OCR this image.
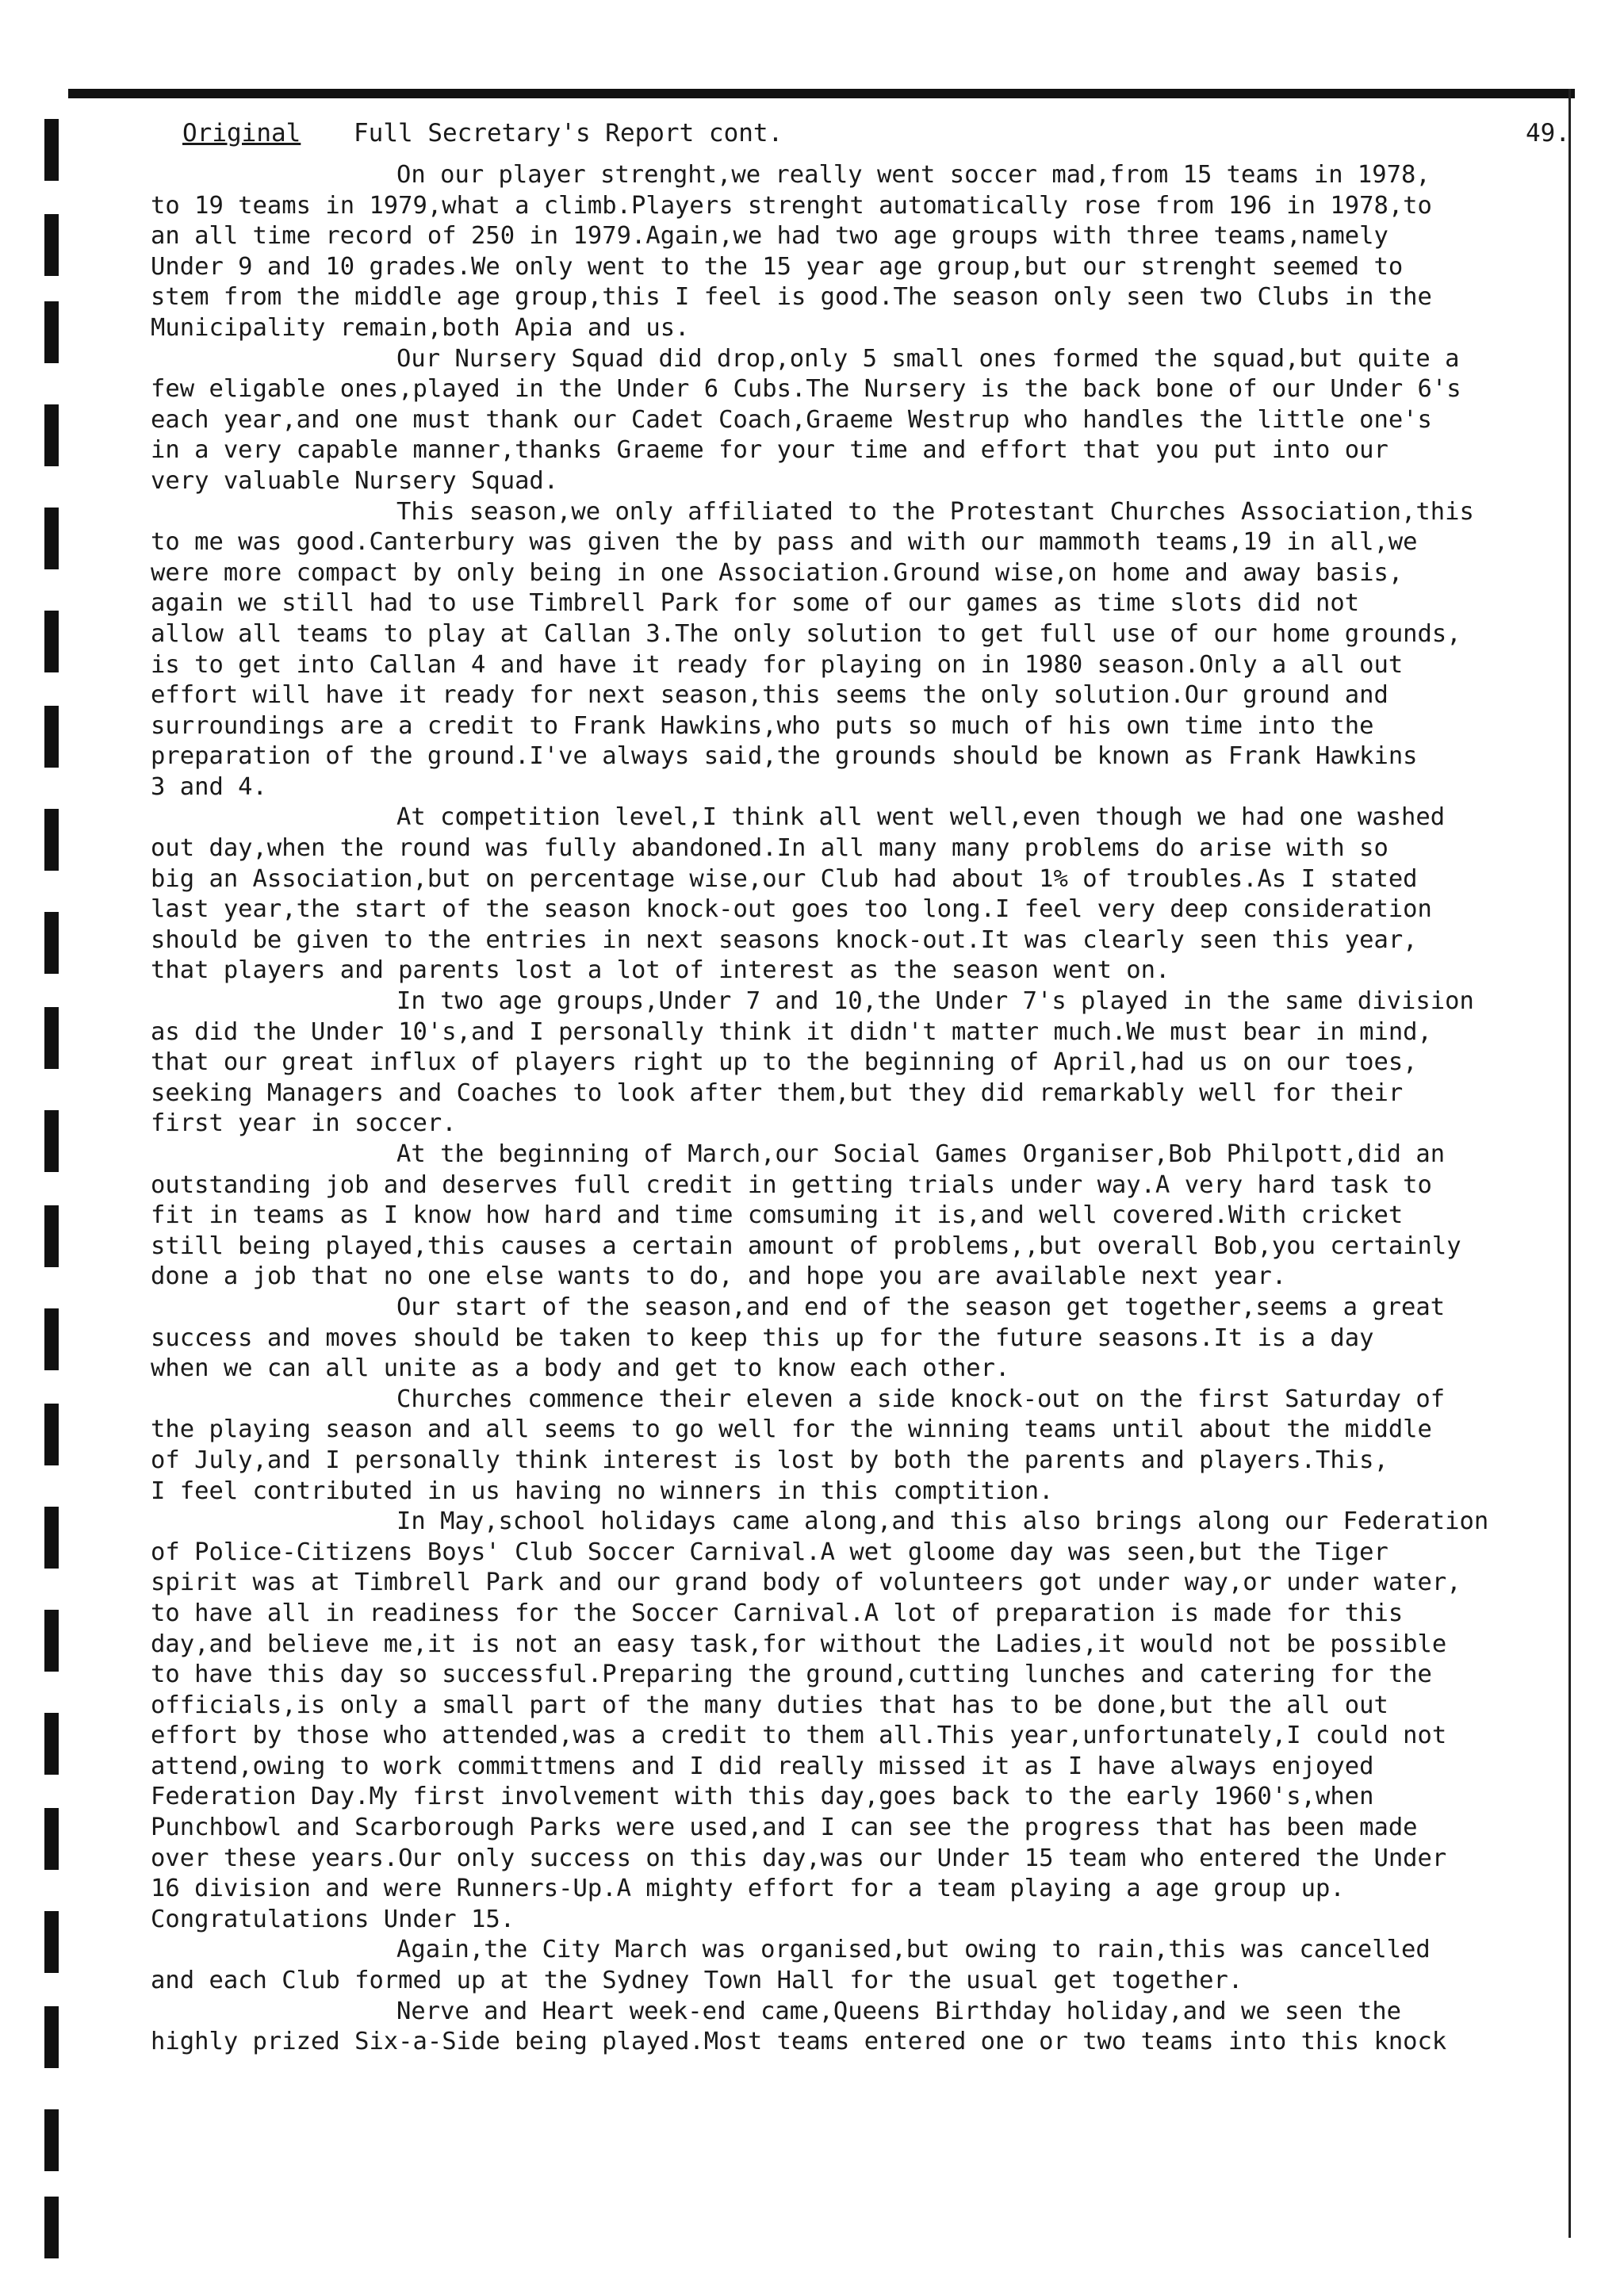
Original Full Secretary's Report cont.	49.
On our player strenght,we really went soccer mad,from 15 teams in 1978,
to 19 teams in 1979,what a climb.Players strenght automatically rose from 196 in 1978,to
an all time record of 250 in 1979.Again,we had two age groups with three teams,namely
Under 9 and 10 grades.We only went to the 15 year age group,but our strenght seemed to
stem from the middle age group,this I feel is good.The season only seen two Clubs in the
Municipality remain,both Apia and us.
Our Nursery Squad did drop,only 5 small ones formed the squad,but quite a
few eligable ones,played in the Under 6 Cubs.The Nursery is the back bone of our Under 6's
each year,and one must thank our Cadet Coach,Graeme Westrup who handles the little one's
in a very capable manner,thanks Graeme for your time and effort that you put into our
very valuable Nursery Squad.
This season,we only affiliated to the Protestant Churches Association,this
to me was good.Canterbury was given the by pass and with our mammoth teams,19 in all,we
were more compact by only being in one Association.Ground wise,on home and away basis,
again we still had to use Timbrell Park for some of our games as time slots did not
allow all teams to play at Callan 3.The only solution to get full use of our home grounds,
is to get into Callan 4 and have it ready for playing on in 1980 season.Only a all out
effort will have it ready for next season,this seems the only solution.Our ground and
surroundings are a credit to Frank Hawkins,who puts so much of his own time into the
preparation of the ground.I've always said,the grounds should be known as Frank Hawkins
3 and 4.
At competition level,I think all went well,even though we had one washed
out day,when the round was fully abandoned.In all many many problems do arise with so
big an Association,but on percentage wise,our Club had about 1% of troubles.As I stated
last year,the start of the season knock-out goes too long.I feel very deep consideration
should be given to the entries in next seasons knock-out.It was clearly seen this year,
that players and parents lost a lot of interest as the season went on.
In two age groups,Under 7 and 10,the Under 7's played in the same division
as did the Under 10's,and I personally think it didn't matter much.We must bear in mind,
that our great influx of players right up to the beginning of April,had us on our toes,
seeking Managers and Coaches to look after them,but they did remarkably well for their
first year in soccer.
At the beginning of March,our Social Games Organiser,Bob Philpott,did an
outstanding job and deserves full credit in getting trials under way.A very hard task to
fit in teams as I know how hard and time comsuming it is,and well covered.With cricket
still being played,this causes a certain amount of problems,,but overall Bob,you certainly
done a job that no one else wants to do, and hope you are available next year.
Our start of the season,and end of the season get together,seems a great
success and moves should be taken to keep this up for the future seasons.It is a day
when we can all unite as a body and get to know each other.
Churches commence their eleven a side knock-out on the first Saturday of
the playing season and all seems to go well for the winning teams until about the middle
of July,and I personally think interest is lost by both the parents and players.This,
I feel contributed in us having no winners in this comptition.
In May,school holidays came along,and this also brings along our Federation
of Police-Citizens Boys' Club Soccer Carnival.A wet gloome day was seen,but the Tiger
spirit was at Timbrell Park and our grand body of volunteers got under way,or under water,
to have all in readiness for the Soccer Carnival.A lot of preparation is made for this
day,and believe me,it is not an easy task,for without the Ladies,it would not be possible
to have this day so successful.Preparing the ground,cutting lunches and catering for the
officials,is only a small part of the many duties that has to be done,but the all out
effort by those who attended,was a credit to them all.This year,unfortunately,I could not
attend,owing to work committmens and I did really missed it as I have always enjoyed
Federation Day.My first involvement with this day,goes back to the early 1960's,when
Punchbowl and Scarborough Parks were used,and I can see the progress that has been made
over these years.Our only success on this day,was our Under 15 team who entered the Under
16 division and were Runners-Up.A mighty effort for a team playing a age group up.
Congratulations Under 15.
Again,the City March was organised,but owing to rain,this was cancelled
and each Club formed up at the Sydney Town Hall for the usual get together.
Nerve and Heart week-end came,Queens Birthday holiday,and we seen the
highly prized Six-a-Side being played.Most teams entered one or two teams into this knock
